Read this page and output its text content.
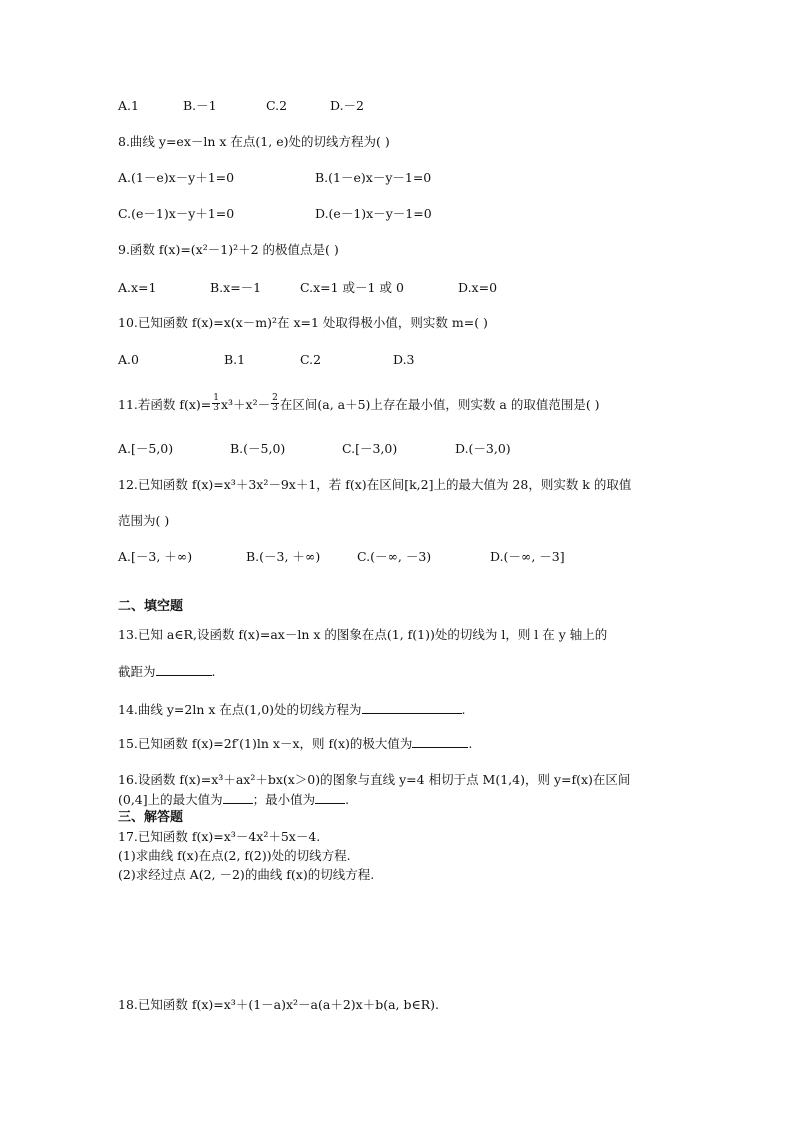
A.1	B.－1	C.2	D.－2
8.曲线 y=ex－ln x 在点(1, e)处的切线方程为( )
A.(1－e)x－y＋1=0	B.(1－e)x－y－1=0
C.(e－1)x－y＋1=0	D.(e－1)x－y－1=0
9.函数 f(x)=(x²－1)²＋2 的极值点是( )
A.x=1	B.x=－1	C.x=1 或－1 或 0	D.x=0
10.已知函数 f(x)=x(x－m)²在 x=1 处取得极小值，则实数 m=( )
A.0	B.1	C.2	D.3
11.若函数 $f(x)= \frac{1}{3} x^3+x^2- \frac{2}{3}$ 在区间(a, a＋5)上存在最小值，则实数 a 的取值范围是( )
A.[－5,0)	B.(－5,0)	C.[－3,0)	D.(－3,0)
12.已知函数 f(x)=x³＋3x²－9x＋1，若 f(x)在区间[k,2]上的最大值为 28，则实数 k 的取值
范围为( )
A.[－3, ＋∞)	B.(－3, ＋∞)	C.(－∞, －3)	D.(－∞, －3]
二、填空题
13.已知 a∈R,设函数 f(x)=ax－ln x 的图象在点(1, f(1))处的切线为 l，则 l 在 y 轴上的
截距为	.
14.曲线 y=2ln x 在点(1,0)处的切线方程为	.
15.已知函数 f(x)=2f′(1)ln x－x，则 f(x)的极大值为	.
16.设函数 f(x)=x³＋ax²＋bx(x＞0)的图象与直线 y=4 相切于点 M(1,4)，则 y=f(x)在区间
(0,4]上的最大值为 ；最小值为 .
三、解答题
17.已知函数 f(x)=x³－4x²＋5x－4.
(1)求曲线 f(x)在点(2, f(2))处的切线方程.
(2)求经过点 A(2, －2)的曲线 f(x)的切线方程.
18.已知函数 f(x)=x³＋(1－a)x²－a(a＋2)x＋b(a, b∈R).
